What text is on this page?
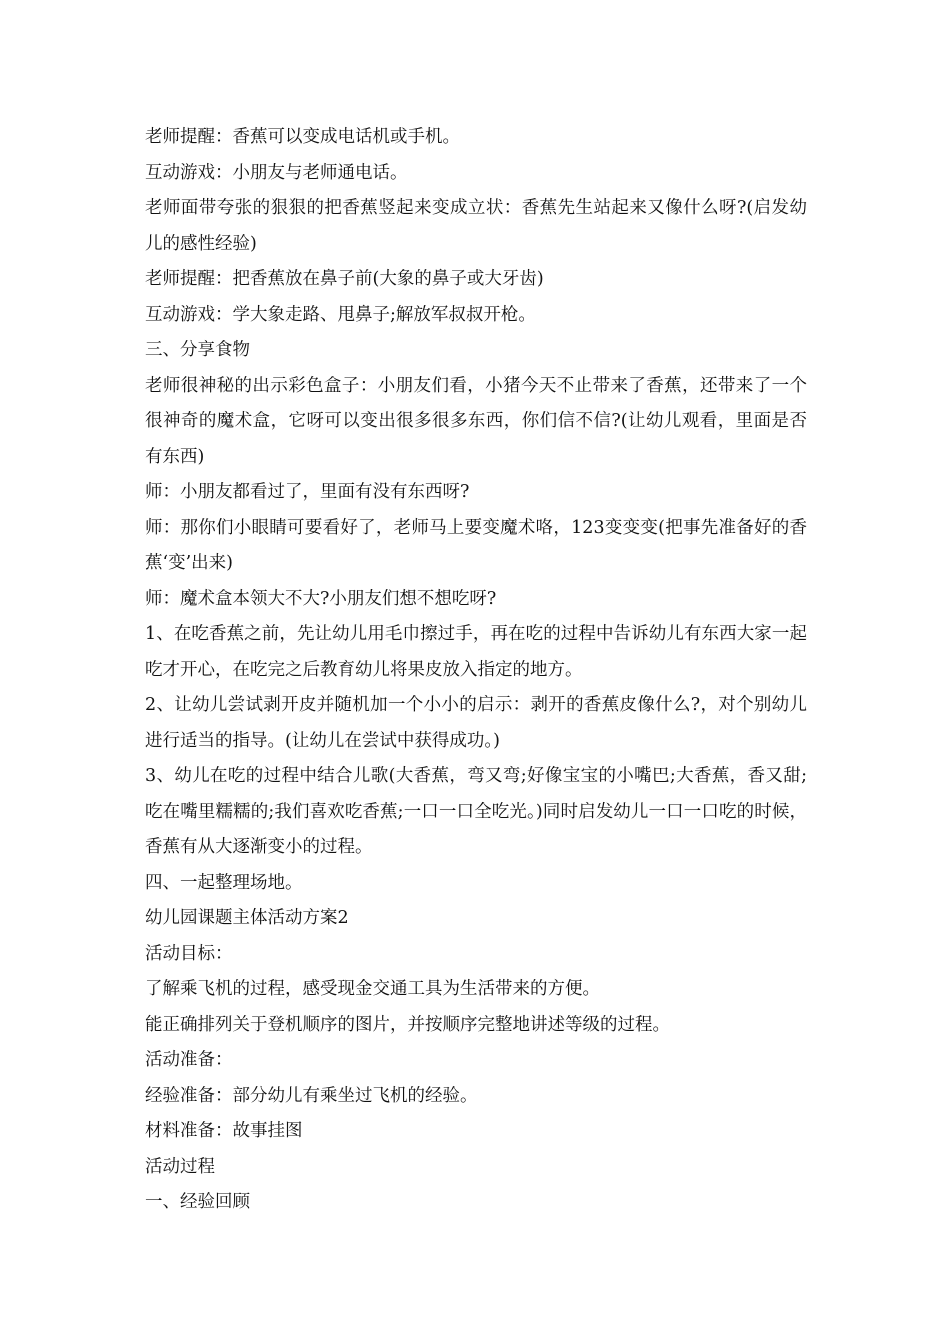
老师提醒：香蕉可以变成电话机或手机。

互动游戏：小朋友与老师通电话。

老师面带夸张的狠狠的把香蕉竖起来变成立状：香蕉先生站起来又像什么呀?(启发幼儿的感性经验)

老师提醒：把香蕉放在鼻子前(大象的鼻子或大牙齿)

互动游戏：学大象走路、甩鼻子;解放军叔叔开枪。

三、分享食物

老师很神秘的出示彩色盒子：小朋友们看，小猪今天不止带来了香蕉，还带来了一个很神奇的魔术盒，它呀可以变出很多很多东西，你们信不信?(让幼儿观看，里面是否有东西)

师：小朋友都看过了，里面有没有东西呀?

师：那你们小眼睛可要看好了，老师马上要变魔术咯，123变变变(把事先准备好的香蕉‘变’出来)

师：魔术盒本领大不大?小朋友们想不想吃呀?

1、在吃香蕉之前，先让幼儿用毛巾擦过手，再在吃的过程中告诉幼儿有东西大家一起吃才开心，在吃完之后教育幼儿将果皮放入指定的地方。

2、让幼儿尝试剥开皮并随机加一个小小的启示：剥开的香蕉皮像什么?，对个别幼儿进行适当的指导。(让幼儿在尝试中获得成功。)

3、幼儿在吃的过程中结合儿歌(大香蕉，弯又弯;好像宝宝的小嘴巴;大香蕉，香又甜;吃在嘴里糯糯的;我们喜欢吃香蕉;一口一口全吃光。)同时启发幼儿一口一口吃的时候，香蕉有从大逐渐变小的过程。

四、一起整理场地。

幼儿园课题主体活动方案2

活动目标：

了解乘飞机的过程，感受现金交通工具为生活带来的方便。

能正确排列关于登机顺序的图片，并按顺序完整地讲述等级的过程。

活动准备：

经验准备：部分幼儿有乘坐过飞机的经验。

材料准备：故事挂图

活动过程

一、经验回顾
